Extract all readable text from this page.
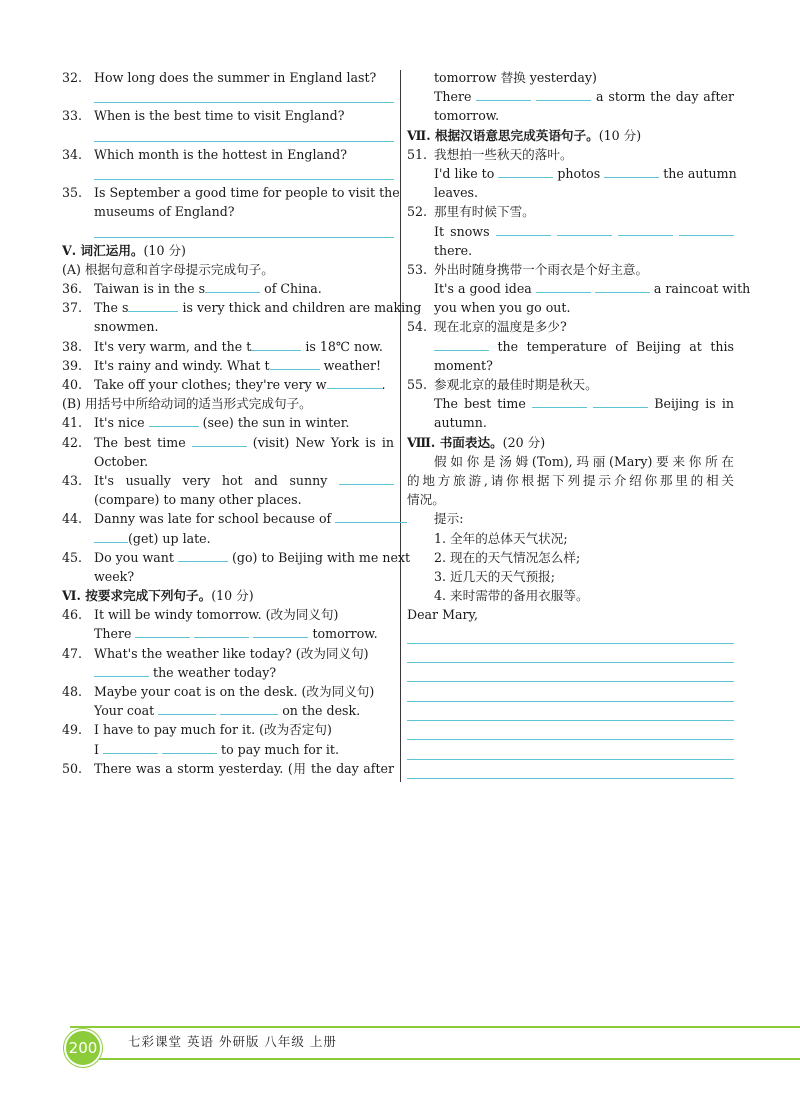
32. How long does the summer in England last?
33. When is the best time to visit England?
34. Which month is the hottest in England?
35. Is September a good time for people to visit the
museums of England?
Ⅴ. 词汇运用。(10 分)
(A) 根据句意和首字母提示完成句子。
36. Taiwan is in the s	of China.
37. The s	is very thick and children are making
snowmen.
38. It's very warm, and the t	is 18℃ now.
39. It's rainy and windy. What t	weather!
40. Take off your clothes; they're very w	.
(B) 用括号中所给动词的适当形式完成句子。
41. It's nice	(see) the sun in winter.
42. The best time	(visit) New York is in
October.
43. It's usually very hot and sunny
(compare) to many other places.
44. Danny was late for school because of
(get) up late.
45. Do you want	(go) to Beijing with me next
week?
Ⅵ. 按要求完成下列句子。(10 分)
46. It will be windy tomorrow. (改为同义句)
There	tomorrow.
47. What's the weather like today? (改为同义句)
the weather today?
48. Maybe your coat is on the desk. (改为同义句)
Your coat	on the desk.
49. I have to pay much for it. (改为否定句)
I	to pay much for it.
50. There was a storm yesterday. (用 the day after
tomorrow 替换 yesterday)
There	a storm the day after
tomorrow.
Ⅶ. 根据汉语意思完成英语句子。(10 分)
51. 我想拍一些秋天的落叶。
I'd like to	photos	the autumn
leaves.
52. 那里有时候下雪。
It snows
there.
53. 外出时随身携带一个雨衣是个好主意。
It's a good idea	a raincoat with
you when you go out.
54. 现在北京的温度是多少?
the temperature of Beijing at this
moment?
55. 参观北京的最佳时期是秋天。
The best time	Beijing is in
autumn.
Ⅷ. 书面表达。(20 分)
假如你是汤姆(Tom),玛丽(Mary)要来你所在
的地方旅游,请你根据下列提示介绍你那里的相关
情况。
提示:
1. 全年的总体天气状况;
2. 现在的天气情况怎么样;
3. 近几天的天气预报;
4. 来时需带的备用衣服等。
Dear Mary,
200	七彩课堂 英语 外研版 八年级 上册
